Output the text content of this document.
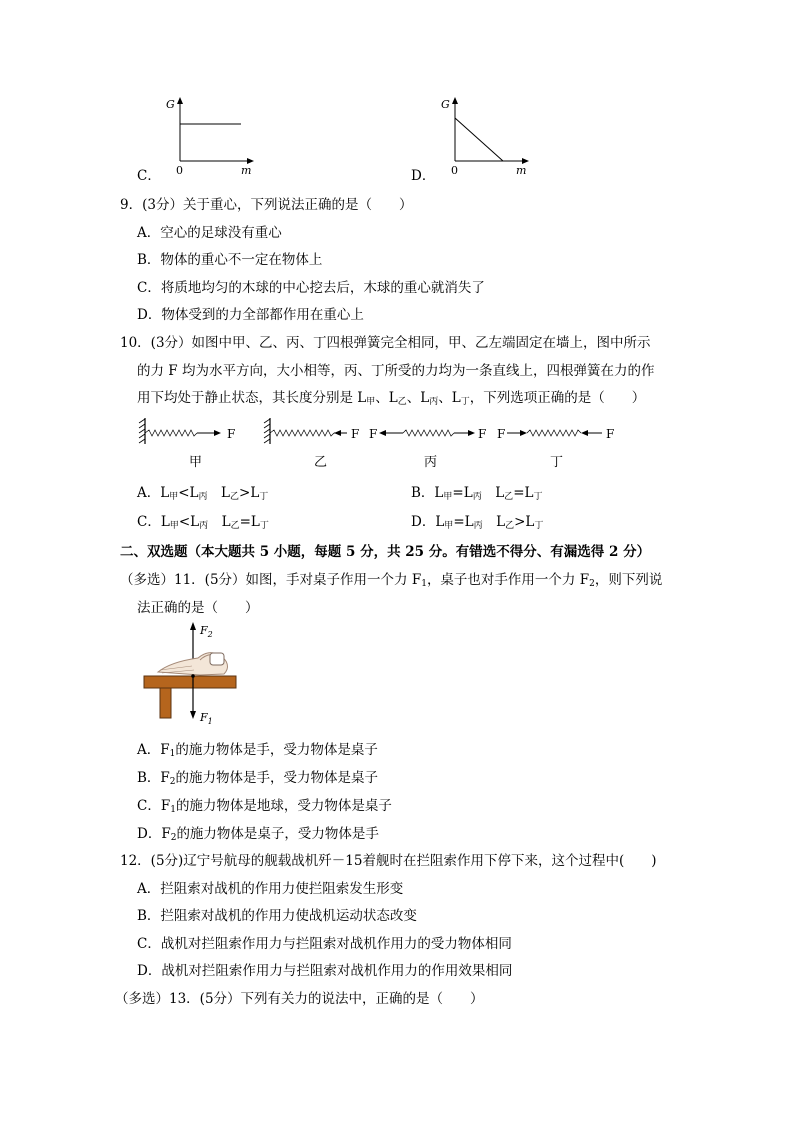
C．
G
0	m	D．
G
0	m
9．(3分）关于重心，下列说法正确的是（　　）
A．空心的足球没有重心
B．物体的重心不一定在物体上
C．将质地均匀的木球的中心挖去后，木球的重心就消失了
D．物体受到的力全部都作用在重心上
10．(3分）如图中甲、乙、丙、丁四根弹簧完全相同，甲、乙左端固定在墙上，图中所示
的力 F 均为水平方向，大小相等，丙、丁所受的力均为一条直线上，四根弹簧在力的作
用下均处于静止状态，其长度分别是 $L_甲$、$L_乙$、$L_丙$、$L_丁$，下列选项正确的是（　　）
F	F F	F F	F
甲	乙	丙	丁
A．$L_甲<L_丙$　$L_乙>L_丁$	B．$L_甲=L_丙$　$L_乙=L_丁$
C．$L_甲<L_丙$　$L_乙=L_丁$	D．$L_甲=L_丙$　$L_乙>L_丁$
二、双选题（本大题共 5 小题，每题 5 分，共 25 分。有错选不得分、有漏选得 2 分）
（多选）11．(5分）如图，手对桌子作用一个力 $F_1$，桌子也对手作用一个力 $F_2$，则下列说
法正确的是（　　）
$F_2$
$F_1$
A．$F_1$的施力物体是手，受力物体是桌子
B．$F_2$的施力物体是手，受力物体是桌子
C．$F_1$的施力物体是地球，受力物体是桌子
D．$F_2$的施力物体是桌子，受力物体是手
12．(5分)辽宁号航母的舰载战机歼－15着舰时在拦阻索作用下停下来，这个过程中(　　)
A．拦阻索对战机的作用力使拦阻索发生形变
B．拦阻索对战机的作用力使战机运动状态改变
C．战机对拦阻索作用力与拦阻索对战机作用力的受力物体相同
D．战机对拦阻索作用力与拦阻索对战机作用力的作用效果相同
（多选）13．(5分）下列有关力的说法中，正确的是（　　）
